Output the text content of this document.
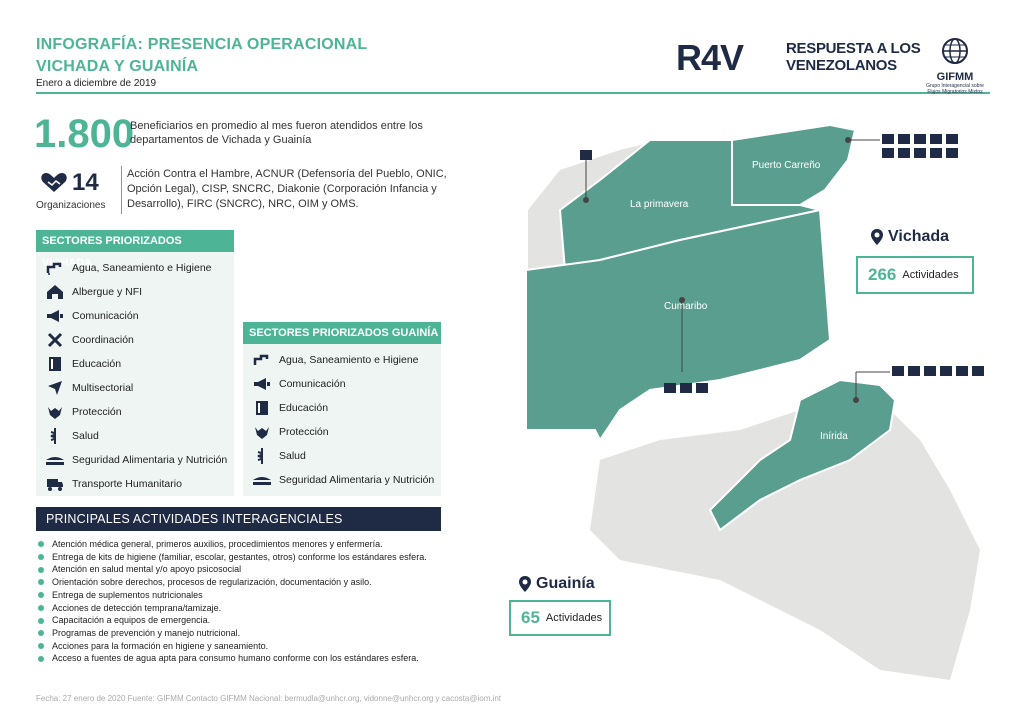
INFOGRAFÍA: PRESENCIA OPERACIONAL
VICHADA Y GUAINÍA
Enero a diciembre de 2019
R4V	RESPUESTA A LOS
VENEZOLANOS
GIFMM
Grupo Interagencial sobre Flujos Migratorios Mixtos
1.800
Beneficiarios en promedio al mes fueron atendidos entre los departamentos de Vichada y Guainía
14
Organizaciones
Acción Contra el Hambre, ACNUR (Defensoría del Pueblo, ONIC, Opción Legal), CISP, SNCRC, Diakonie (Corporación Infancia y Desarrollo), FIRC (SNCRC), NRC, OIM y OMS.
SECTORES PRIORIZADOS VICHADA
Agua, Saneamiento e Higiene
Albergue y NFI
Comunicación
Coordinación
Educación
Multisectorial
Protección
Salud
Seguridad Alimentaria y Nutrición
Transporte Humanitario
SECTORES PRIORIZADOS GUAINÍA
Agua, Saneamiento e Higiene
Comunicación
Educación
Protección
Salud
Seguridad Alimentaria y Nutrición
PRINCIPALES ACTIVIDADES INTERAGENCIALES
Atención médica general, primeros auxilios, procedimientos menores y enfermería.
Entrega de kits de higiene (familiar, escolar, gestantes, otros) conforme los estándares esfera.
Atención en salud mental y/o apoyo psicosocial
Orientación sobre derechos, procesos de regularización, documentación y asilo.
Entrega de suplementos nutricionales
Acciones de detección temprana/tamizaje.
Capacitación a equipos de emergencia.
Programas de prevención y manejo nutricional.
Acciones para la formación en higiene y saneamiento.
Acceso a fuentes de agua apta para consumo humano conforme con los estándares esfera.
Fecha: 27 enero de 2020 Fuente: GIFMM Contacto GIFMM Nacional: bermudla@unhcr.org, vidonne@unhcr.org y cacosta@iom.int
Puerto Carreño
La primavera
Cumaribo
Inírida
Vichada
266 Actividades
Guainía
65 Actividades
